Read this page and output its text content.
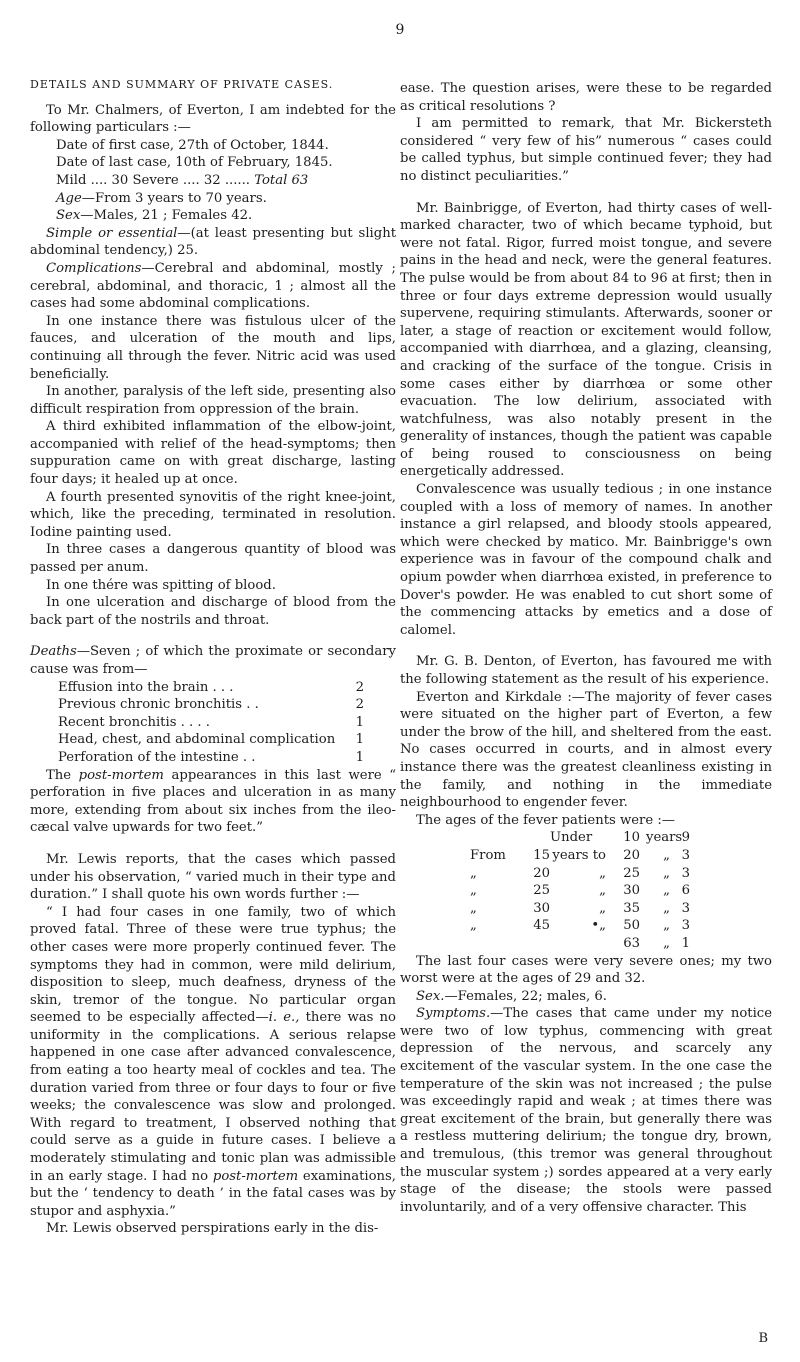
9
DETAILS AND SUMMARY OF PRIVATE CASES.

To Mr. Chalmers, of Everton, I am indebted for the following particulars :—

Date of first case, 27th of October, 1844.

Date of last case, 10th of February, 1845.

Mild .... 30 Severe .... 32 ...... Total 63

Age—From 3 years to 70 years.

Sex—Males, 21 ; Females 42.

Simple or essential—(at least presenting but slight abdominal tendency,) 25.

Complications—Cerebral and abdominal, mostly ; cerebral, abdominal, and thoracic, 1 ; almost all the cases had some abdominal complications.

In one instance there was fistulous ulcer of the fauces, and ulceration of the mouth and lips, continuing all through the fever. Nitric acid was used beneficially.

In another, paralysis of the left side, presenting also difficult respiration from oppression of the brain.

A third exhibited inflammation of the elbow-joint, accompanied with relief of the head-symptoms; then suppuration came on with great discharge, lasting four days; it healed up at once.

A fourth presented synovitis of the right knee-joint, which, like the preceding, terminated in resolution. Iodine painting used.

In three cases a dangerous quantity of blood was passed per anum.

In one thére was spitting of blood.

In one ulceration and discharge of blood from the back part of the nostrils and throat.

Deaths—Seven ; of which the proximate or secondary cause was from—

Effusion into the brain . . .	2
Previous chronic bronchitis . .	2
Recent bronchitis . . . .	1
Head, chest, and abdominal complication 1
Perforation of the intestine . .	1

The post-mortem appearances in this last were “ perforation in five places and ulceration in as many more, extending from about six inches from the ileo-cæcal valve upwards for two feet.”

Mr. Lewis reports, that the cases which passed under his observation, “ varied much in their type and duration.” I shall quote his own words further :—

“ I had four cases in one family, two of which proved fatal. Three of these were true typhus; the other cases were more properly continued fever. The symptoms they had in common, were mild delirium, disposition to sleep, much deafness, dryness of the skin, tremor of the tongue. No particular organ seemed to be especially affected—i. e., there was no uniformity in the complications. A serious relapse happened in one case after advanced convalescence, from eating a too hearty meal of cockles and tea. The duration varied from three or four days to four or five weeks; the convalescence was slow and prolonged. With regard to treatment, I observed nothing that could serve as a guide in future cases. I believe a moderately stimulating and tonic plan was admissible in an early stage. I had no post-mortem examinations, but the ‘ tendency to death ’ in the fatal cases was by stupor and asphyxia.”

Mr. Lewis observed perspirations early in the dis-

ease. The question arises, were these to be regarded as critical resolutions ?

I am permitted to remark, that Mr. Bickersteth considered “ very few of his” numerous “ cases could be called typhus, but simple continued fever; they had no distinct peculiarities.”

Mr. Bainbrigge, of Everton, had thirty cases of well-marked character, two of which became typhoid, but were not fatal. Rigor, furred moist tongue, and severe pains in the head and neck, were the general features. The pulse would be from about 84 to 96 at first; then in three or four days extreme depression would usually supervene, requiring stimulants. Afterwards, sooner or later, a stage of reaction or excitement would follow, accompanied with diarrhœa, and a glazing, cleansing, and cracking of the surface of the tongue. Crisis in some cases either by diarrhœa or some other evacuation. The low delirium, associated with watchfulness, was also notably present in the generality of instances, though the patient was capable of being roused to consciousness on being energetically addressed.

Convalescence was usually tedious ; in one instance coupled with a loss of memory of names. In another instance a girl relapsed, and bloody stools appeared, which were checked by matico. Mr. Bainbrigge's own experience was in favour of the compound chalk and opium powder when diarrhœa existed, in preference to Dover's powder. He was enabled to cut short some of the commencing attacks by emetics and a dose of calomel.

Mr. G. B. Denton, of Everton, has favoured me with the following statement as the result of his experience.

Everton and Kirkdale :—The majority of fever cases were situated on the higher part of Everton, a few under the brow of the hill, and sheltered from the east. No cases occurred in courts, and in almost every instance there was the greatest cleanliness existing in the family, and nothing in the immediate neighbourhood to engender fever.

The ages of the fever patients were :—

Under	10 years 9
From	15 years to	20	„ 3
„	20	„	25	„ 3
„	25	„	30	„ 6
„	30	„	35	„ 3
„	45	•„	50	„ 3
63	„ 1

The last four cases were very severe ones; my two worst were at the ages of 29 and 32.

Sex.—Females, 22; males, 6.

Symptoms.—The cases that came under my notice were two of low typhus, commencing with great depression of the nervous, and scarcely any excitement of the vascular system. In the one case the temperature of the skin was not increased ; the pulse was exceedingly rapid and weak ; at times there was great excitement of the brain, but generally there was a restless muttering delirium; the tongue dry, brown, and tremulous, (this tremor was general throughout the muscular system ;) sordes appeared at a very early stage of the disease; the stools were passed involuntarily, and of a very offensive character. This

B
